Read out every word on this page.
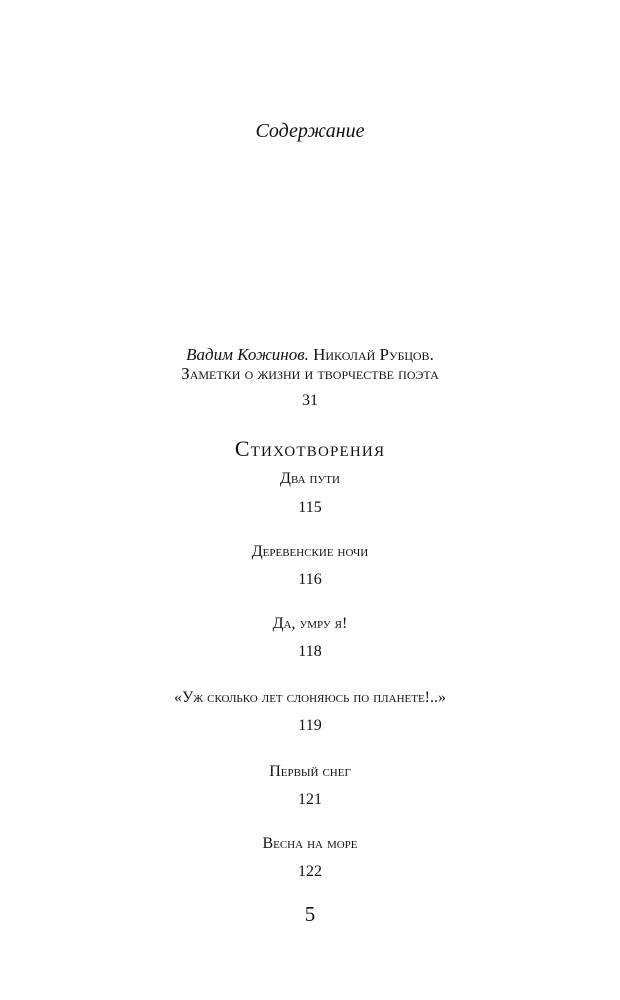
Содержание
Вадим Кожинов. Николай Рубцов.
Заметки о жизни и творчестве поэта
31
Стихотворения
Два пути
115
Деревенские ночи
116
Да, умру я!
118
«Уж сколько лет слоняюсь по планете!..»
119
Первый снег
121
Весна на море
122
5
